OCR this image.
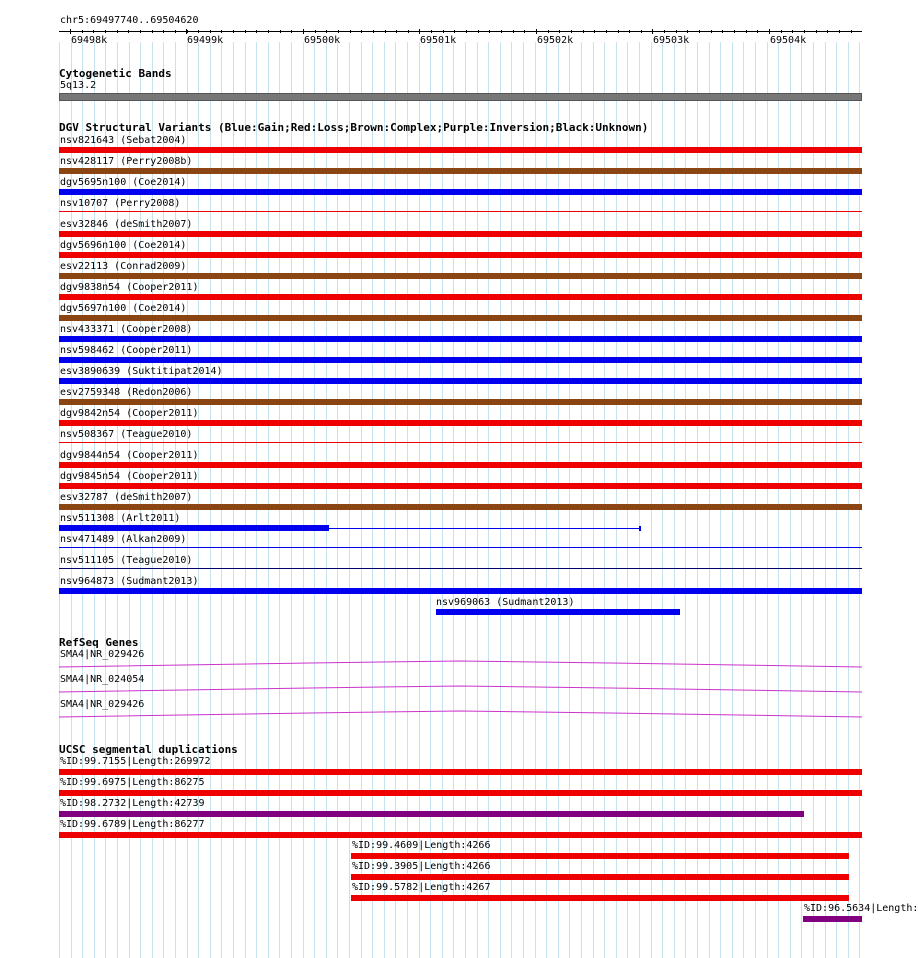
chr5:69497740..69504620
69498k	69499k	69500k	69501k	69502k	69503k	69504k
Cytogenetic Bands
5q13.2
DGV Structural Variants (Blue:Gain;Red:Loss;Brown:Complex;Purple:Inversion;Black:Unknown)
nsv821643 (Sebat2004)
nsv428117 (Perry2008b)
dgv5695n100 (Coe2014)
nsv10707 (Perry2008)
esv32846 (deSmith2007)
dgv5696n100 (Coe2014)
esv22113 (Conrad2009)
dgv9838n54 (Cooper2011)
dgv5697n100 (Coe2014)
nsv433371 (Cooper2008)
nsv598462 (Cooper2011)
esv3890639 (Suktitipat2014)
esv2759348 (Redon2006)
dgv9842n54 (Cooper2011)
nsv508367 (Teague2010)
dgv9844n54 (Cooper2011)
dgv9845n54 (Cooper2011)
esv32787 (deSmith2007)
nsv511308 (Arlt2011)
nsv471489 (Alkan2009)
nsv511105 (Teague2010)
nsv964873 (Sudmant2013)
nsv969063 (Sudmant2013)
RefSeq Genes
SMA4|NR_029426
SMA4|NR_024054
SMA4|NR_029426
UCSC segmental duplications
%ID:99.7155|Length:269972
%ID:99.6975|Length:86275
%ID:98.2732|Length:42739
%ID:99.6789|Length:86277
%ID:99.4609|Length:4266
%ID:99.3905|Length:4266
%ID:99.5782|Length:4267
%ID:96.5634|Length:
